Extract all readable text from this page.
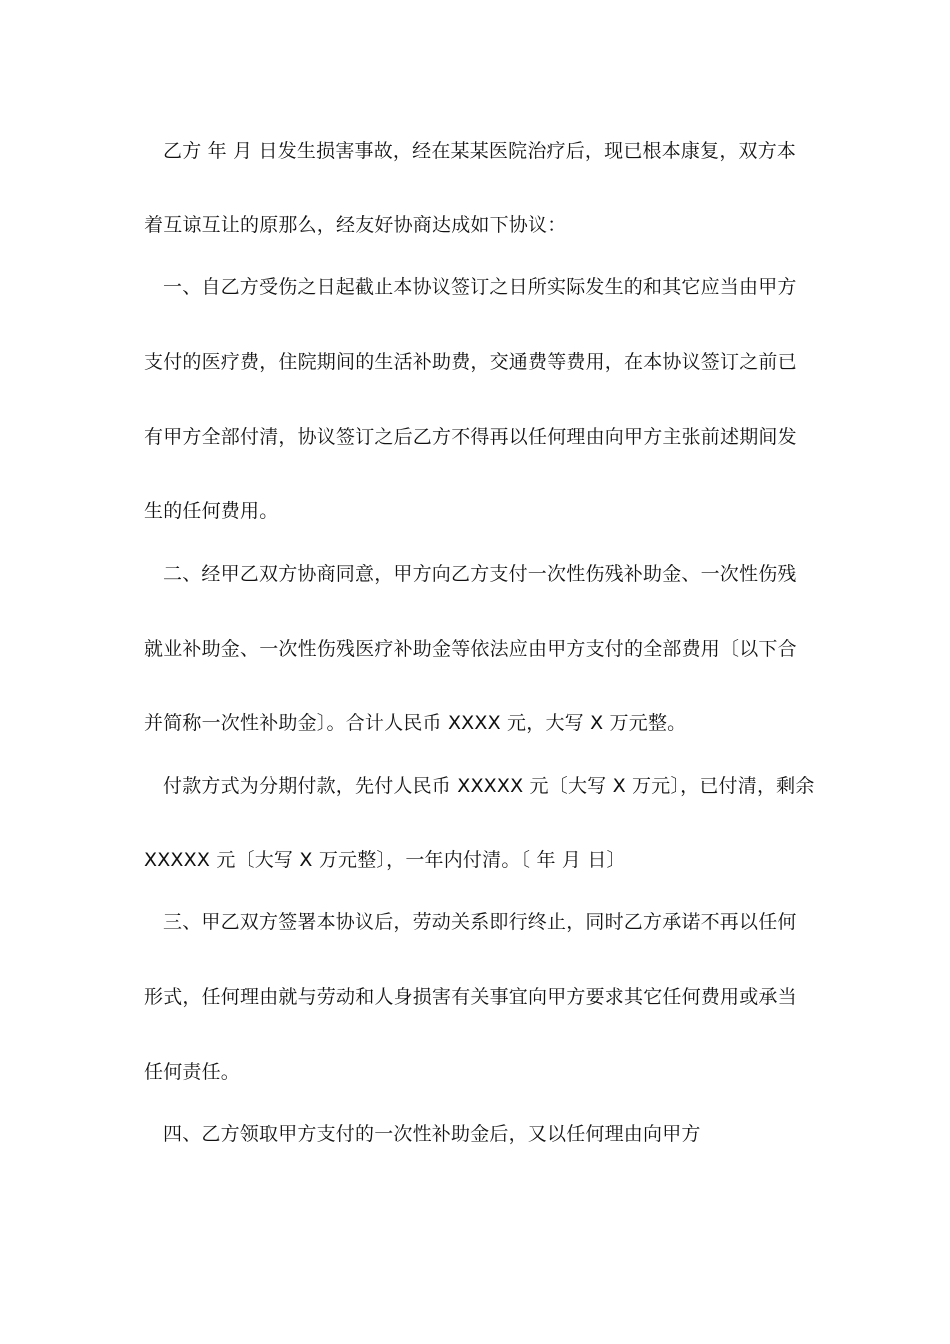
乙方 年 月 日发生损害事故，经在某某医院治疗后，现已根本康复，双方本
着互谅互让的原那么，经友好协商达成如下协议：
一、自乙方受伤之日起截止本协议签订之日所实际发生的和其它应当由甲方
支付的医疗费，住院期间的生活补助费，交通费等费用，在本协议签订之前已
有甲方全部付清，协议签订之后乙方不得再以任何理由向甲方主张前述期间发
生的任何费用。
二、经甲乙双方协商同意，甲方向乙方支付一次性伤残补助金、一次性伤残
就业补助金、一次性伤残医疗补助金等依法应由甲方支付的全部费用〔以下合
并简称一次性补助金〕。合计人民币 XXXX 元，大写 X 万元整。
付款方式为分期付款，先付人民币 XXXXX 元〔大写 X 万元〕，已付清，剩余
XXXXX 元〔大写 X 万元整〕，一年内付清。〔 年 月 日〕
三、甲乙双方签署本协议后，劳动关系即行终止，同时乙方承诺不再以任何
形式，任何理由就与劳动和人身损害有关事宜向甲方要求其它任何费用或承当
任何责任。
四、乙方领取甲方支付的一次性补助金后，又以任何理由向甲方
